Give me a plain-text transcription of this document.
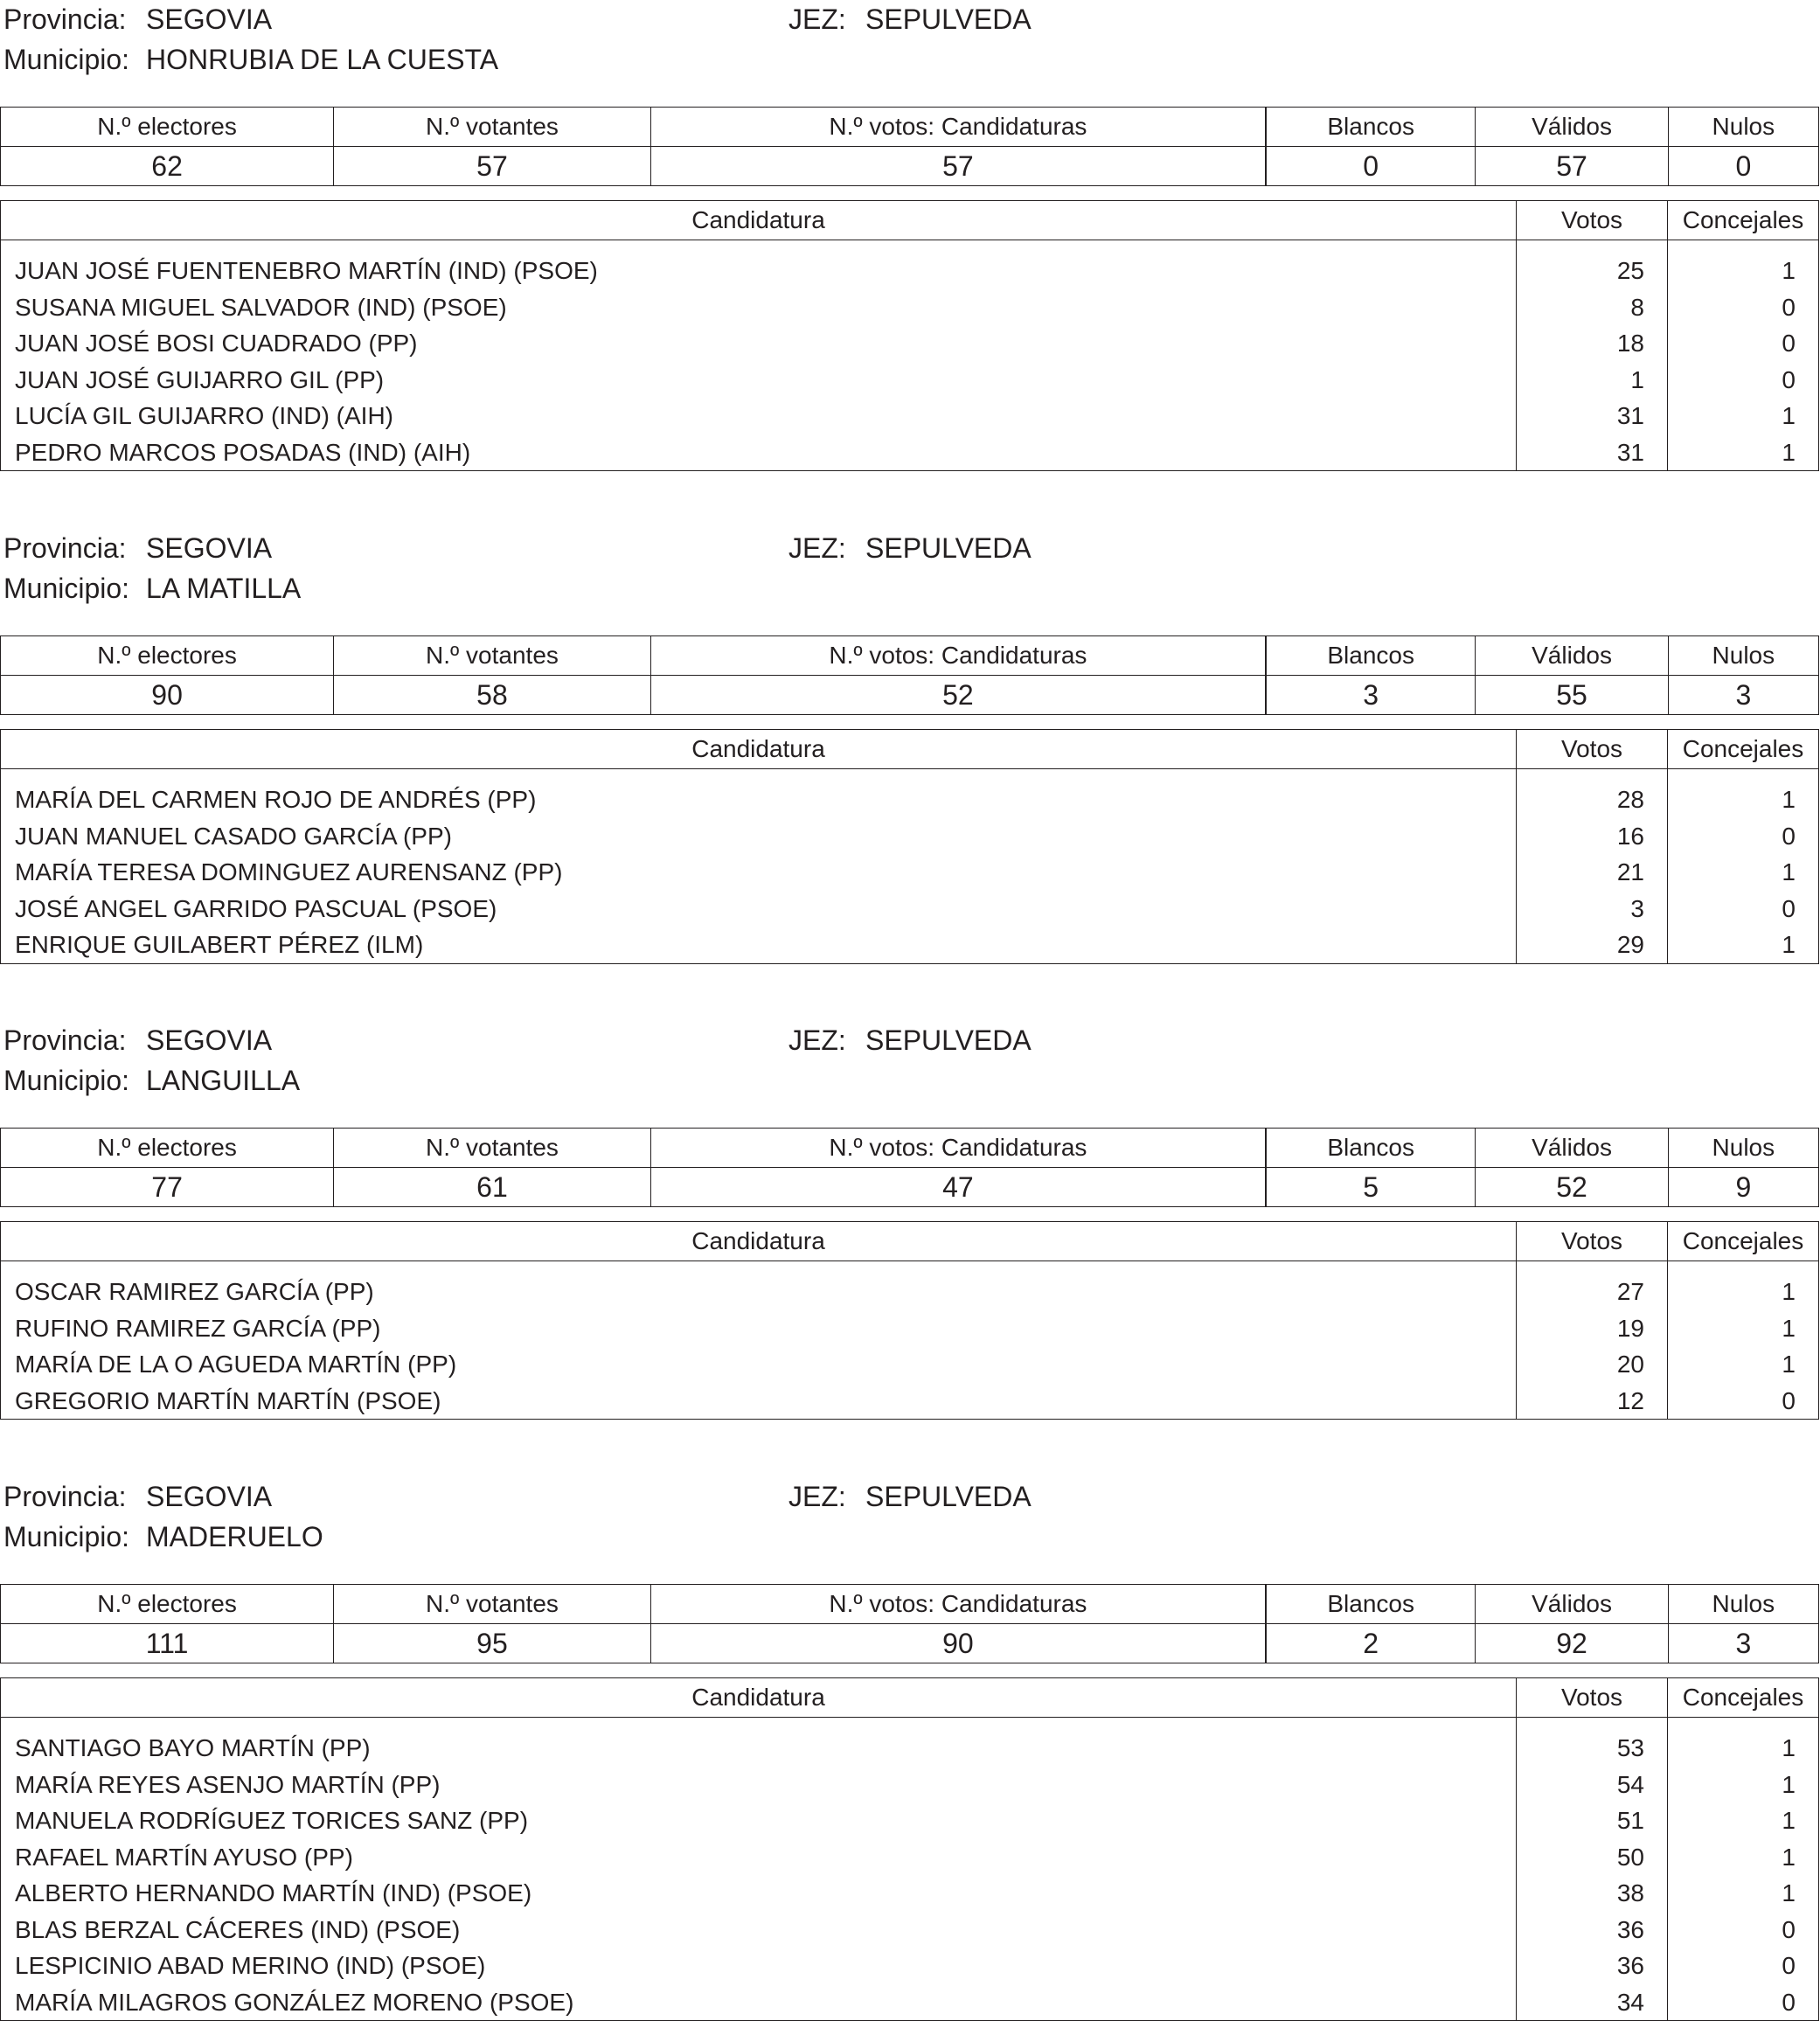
Provincia: SEGOVIA	JEZ: SEPULVEDA
Municipio: HONRUBIA DE LA CUESTA
N.º electores	N.º votantes	N.º votos: Candidaturas	Blancos	Válidos	Nulos
62	57	57	0	57	0
Candidatura	Votos	Concejales
JUAN JOSÉ FUENTENEBRO MARTÍN (IND) (PSOE)	25	1
SUSANA MIGUEL SALVADOR (IND) (PSOE)	8	0
JUAN JOSÉ BOSI CUADRADO (PP)	18	0
JUAN JOSÉ GUIJARRO GIL (PP)	1	0
LUCÍA GIL GUIJARRO (IND) (AIH)	31	1
PEDRO MARCOS POSADAS (IND) (AIH)	31	1
Provincia: SEGOVIA	JEZ: SEPULVEDA
Municipio: LA MATILLA
N.º electores	N.º votantes	N.º votos: Candidaturas	Blancos	Válidos	Nulos
90	58	52	3	55	3
Candidatura	Votos	Concejales
MARÍA DEL CARMEN ROJO DE ANDRÉS (PP)	28	1
JUAN MANUEL CASADO GARCÍA (PP)	16	0
MARÍA TERESA DOMINGUEZ AURENSANZ (PP)	21	1
JOSÉ ANGEL GARRIDO PASCUAL (PSOE)	3	0
ENRIQUE GUILABERT PÉREZ (ILM)	29	1
Provincia: SEGOVIA	JEZ: SEPULVEDA
Municipio: LANGUILLA
N.º electores	N.º votantes	N.º votos: Candidaturas	Blancos	Válidos	Nulos
77	61	47	5	52	9
Candidatura	Votos	Concejales
OSCAR RAMIREZ GARCÍA (PP)	27	1
RUFINO RAMIREZ GARCÍA (PP)	19	1
MARÍA DE LA O AGUEDA MARTÍN (PP)	20	1
GREGORIO MARTÍN MARTÍN (PSOE)	12	0
Provincia: SEGOVIA	JEZ: SEPULVEDA
Municipio: MADERUELO
N.º electores	N.º votantes	N.º votos: Candidaturas	Blancos	Válidos	Nulos
111	95	90	2	92	3
Candidatura	Votos	Concejales
SANTIAGO BAYO MARTÍN (PP)	53	1
MARÍA REYES ASENJO MARTÍN (PP)	54	1
MANUELA RODRÍGUEZ TORICES SANZ (PP)	51	1
RAFAEL MARTÍN AYUSO (PP)	50	1
ALBERTO HERNANDO MARTÍN (IND) (PSOE)	38	1
BLAS BERZAL CÁCERES (IND) (PSOE)	36	0
LESPICINIO ABAD MERINO (IND) (PSOE)	36	0
MARÍA MILAGROS GONZÁLEZ MORENO (PSOE)	34	0
